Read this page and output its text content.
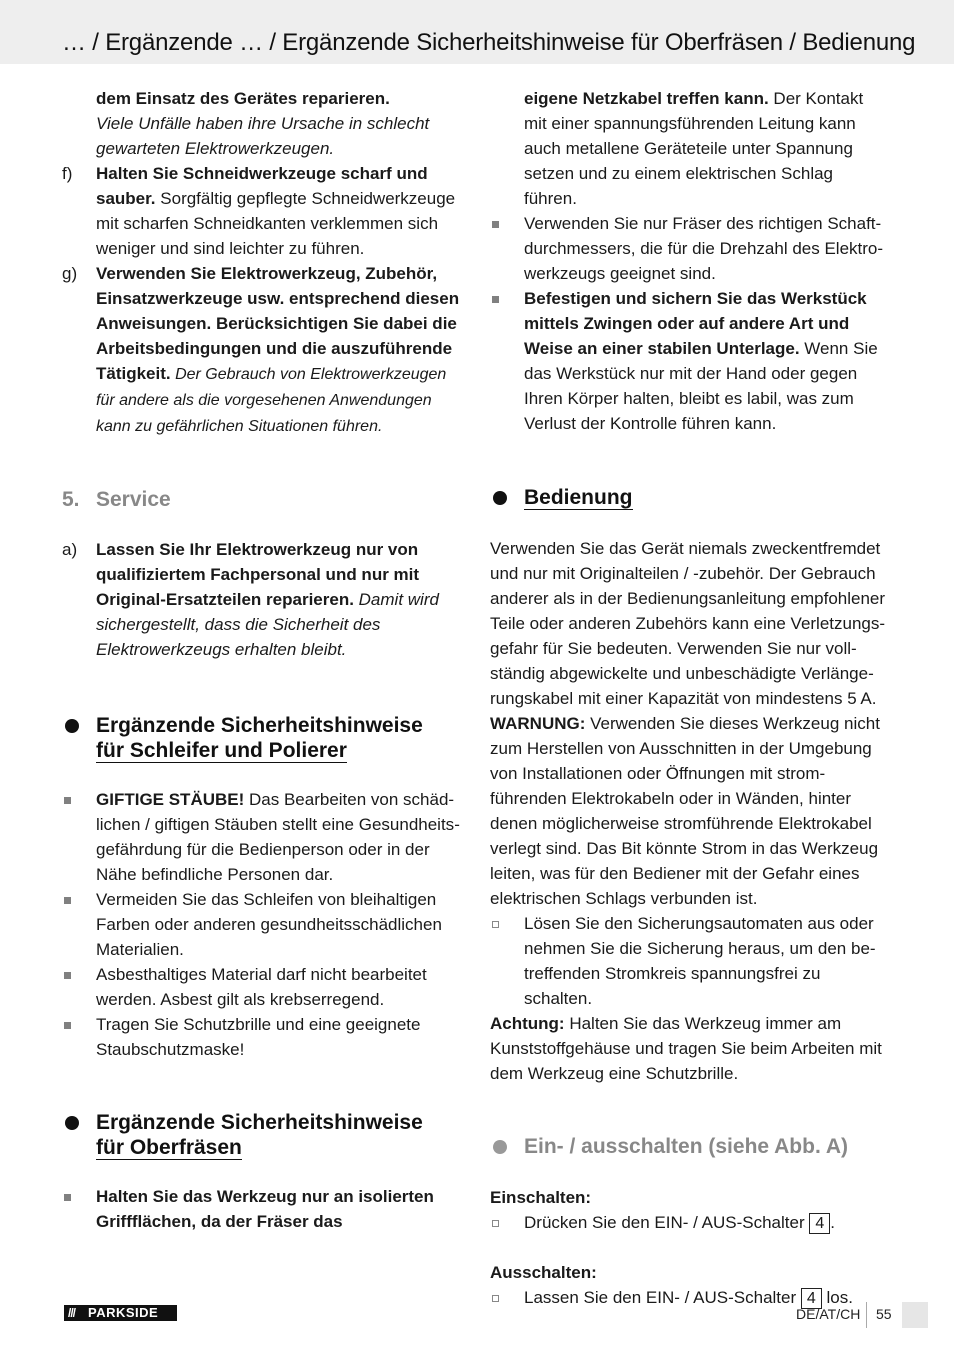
… / Ergänzende … / Ergänzende Sicherheitshinweise für Oberfräsen / Bedienung
dem Einsatz des Gerätes reparieren.
Viele Unfälle haben ihre Ursache in schlecht gewarteten Elektrowerkzeugen.
f) Halten Sie Schneidwerkzeuge scharf und sauber. Sorgfältig gepflegte Schneidwerkzeuge mit scharfen Schneidkanten verklemmen sich weniger und sind leichter zu führen.
g) Verwenden Sie Elektrowerkzeug, Zubehör, Einsatzwerkzeuge usw. entsprechend diesen Anweisungen. Berücksichtigen Sie dabei die Arbeitsbedingungen und die auszuführende Tätigkeit. Der Gebrauch von Elektrowerkzeugen für andere als die vorgesehenen Anwendungen kann zu gefährlichen Situationen führen.
5. Service
a) Lassen Sie Ihr Elektrowerkzeug nur von qualifiziertem Fachpersonal und nur mit Original-Ersatzteilen reparieren. Damit wird sichergestellt, dass die Sicherheit des Elektrowerkzeugs erhalten bleibt.
Ergänzende Sicherheitshinweise
für Schleifer und Polierer
GIFTIGE STÄUBE! Das Bearbeiten von schädlichen / giftigen Stäuben stellt eine Gesundheitsgefährdung für die Bedienperson oder in der Nähe befindliche Personen dar.
Vermeiden Sie das Schleifen von bleihaltigen Farben oder anderen gesundheitsschädlichen Materialien.
Asbesthaltiges Material darf nicht bearbeitet werden. Asbest gilt als krebserregend.
Tragen Sie Schutzbrille und eine geeignete Staubschutzmaske!
Ergänzende Sicherheitshinweise
für Oberfräsen
Halten Sie das Werkzeug nur an isolierten Griffflächen, da der Fräser das
eigene Netzkabel treffen kann. Der Kontakt mit einer spannungsführenden Leitung kann auch metallene Geräteteile unter Spannung setzen und zu einem elektrischen Schlag führen.
Verwenden Sie nur Fräser des richtigen Schaftdurchmessers, die für die Drehzahl des Elektrowerkzeugs geeignet sind.
Befestigen und sichern Sie das Werkstück mittels Zwingen oder auf andere Art und Weise an einer stabilen Unterlage. Wenn Sie das Werkstück nur mit der Hand oder gegen Ihren Körper halten, bleibt es labil, was zum Verlust der Kontrolle führen kann.
Bedienung
Verwenden Sie das Gerät niemals zweckentfremdet und nur mit Originalteilen / -zubehör. Der Gebrauch anderer als in der Bedienungsanleitung empfohlener Teile oder anderen Zubehörs kann eine Verletzungsgefahr für Sie bedeuten. Verwenden Sie nur vollständig abgewickelte und unbeschädigte Verlängerungskabel mit einer Kapazität von mindestens 5 A.
WARNUNG: Verwenden Sie dieses Werkzeug nicht zum Herstellen von Ausschnitten in der Umgebung von Installationen oder Öffnungen mit stromführenden Elektrokabeln oder in Wänden, hinter denen möglicherweise stromführende Elektrokabel verlegt sind. Das Bit könnte Strom in das Werkzeug leiten, was für den Bediener mit der Gefahr eines elektrischen Schlags verbunden ist.
Lösen Sie den Sicherungsautomaten aus oder nehmen Sie die Sicherung heraus, um den betreffenden Stromkreis spannungsfrei zu schalten.
Achtung: Halten Sie das Werkzeug immer am Kunststoffgehäuse und tragen Sie beim Arbeiten mit dem Werkzeug eine Schutzbrille.
Ein- / ausschalten (siehe Abb. A)
Einschalten:
Drücken Sie den EIN- / AUS-Schalter 4 .
Ausschalten:
Lassen Sie den EIN- / AUS-Schalter 4 los.
/// PARKSIDE	DE/AT/CH 55
